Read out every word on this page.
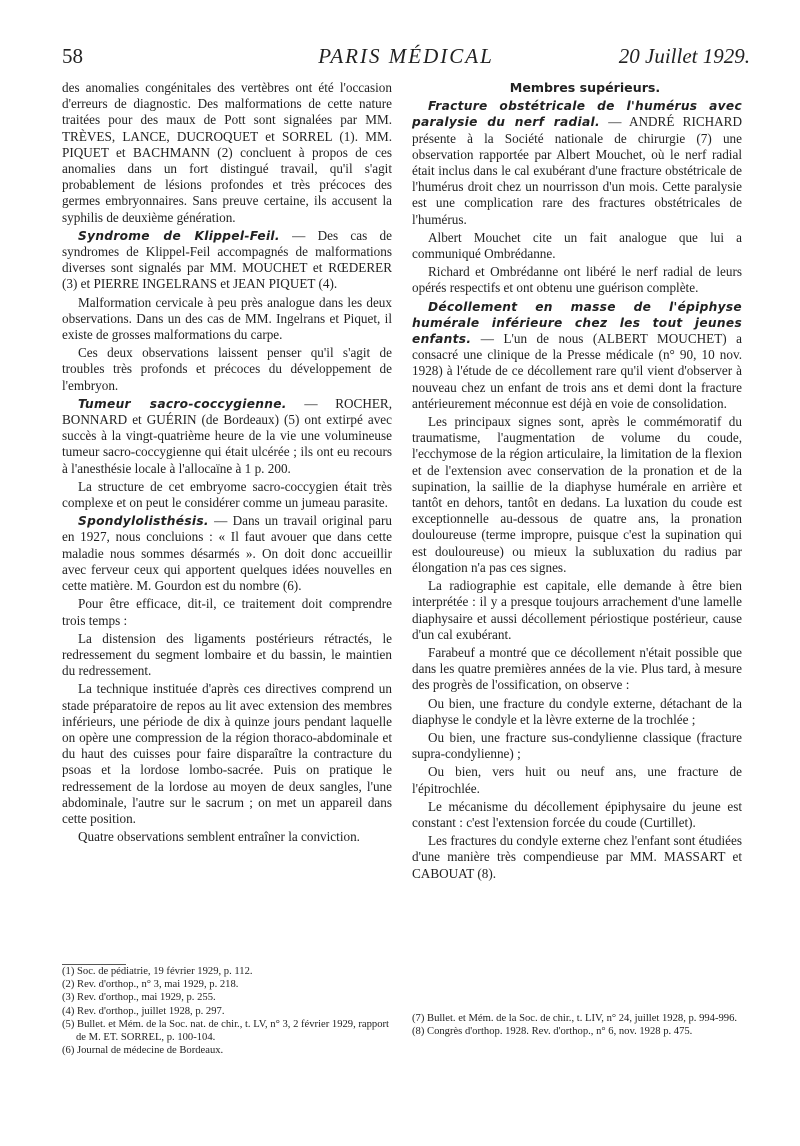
58	PARIS MÉDICAL	20 Juillet 1929.

des anomalies congénitales des vertèbres ont été l'occasion d'erreurs de diagnostic. Des malformations de cette nature traitées pour des maux de Pott sont signalées par MM. TRÈVES, LANCE, DUCROQUET et SORREL (1). MM. PIQUET et BACHMANN (2) concluent à propos de ces anomalies dans un fort distingué travail, qu'il s'agit probablement de lésions profondes et très précoces des germes embryonnaires. Sans preuve certaine, ils accusent la syphilis de deuxième génération.

Syndrome de Klippel-Feil. — Des cas de syndromes de Klippel-Feil accompagnés de malformations diverses sont signalés par MM. MOUCHET et RŒDERER (3) et PIERRE INGELRANS et JEAN PIQUET (4).

Malformation cervicale à peu près analogue dans les deux observations. Dans un des cas de MM. Ingelrans et Piquet, il existe de grosses malformations du carpe.

Ces deux observations laissent penser qu'il s'agit de troubles très profonds et précoces du développement de l'embryon.

Tumeur sacro-coccygienne. — ROCHER, BONNARD et GUÉRIN (de Bordeaux) (5) ont extirpé avec succès à la vingt-quatrième heure de la vie une volumineuse tumeur sacro-coccygienne qui était ulcérée ; ils ont eu recours à l'anesthésie locale à l'allocaïne à 1 p. 200.

La structure de cet embryome sacro-coccygien était très complexe et on peut le considérer comme un jumeau parasite.

Spondylolisthésis. — Dans un travail original paru en 1927, nous concluions : « Il faut avouer que dans cette maladie nous sommes désarmés ». On doit donc accueillir avec ferveur ceux qui apportent quelques idées nouvelles en cette matière. M. Gourdon est du nombre (6).

Pour être efficace, dit-il, ce traitement doit comprendre trois temps :

La distension des ligaments postérieurs rétractés, le redressement du segment lombaire et du bassin, le maintien du redressement.

La technique instituée d'après ces directives comprend un stade préparatoire de repos au lit avec extension des membres inférieurs, une période de dix à quinze jours pendant laquelle on opère une compression de la région thoraco-abdominale et du haut des cuisses pour faire disparaître la contracture du psoas et la lordose lombo-sacrée. Puis on pratique le redressement de la lordose au moyen de deux sangles, l'une abdominale, l'autre sur le sacrum ; on met un appareil dans cette position.

Quatre observations semblent entraîner la conviction.

(1) Soc. de pédiatrie, 19 février 1929, p. 112.
(2) Rev. d'orthop., n° 3, mai 1929, p. 218.
(3) Rev. d'orthop., mai 1929, p. 255.
(4) Rev. d'orthop., juillet 1928, p. 297.
(5) Bullet. et Mém. de la Soc. nat. de chir., t. LV, n° 3, 2 février 1929, rapport de M. ET. SORREL, p. 100-104.
(6) Journal de médecine de Bordeaux.

Membres supérieurs.

Fracture obstétricale de l'humérus avec paralysie du nerf radial. — ANDRÉ RICHARD présente à la Société nationale de chirurgie (7) une observation rapportée par Albert Mouchet, où le nerf radial était inclus dans le cal exubérant d'une fracture obstétricale de l'humérus droit chez un nourrisson d'un mois. Cette paralysie est une complication rare des fractures obstétricales de l'humérus.

Albert Mouchet cite un fait analogue que lui a communiqué Ombrédanne.

Richard et Ombrédanne ont libéré le nerf radial de leurs opérés respectifs et ont obtenu une guérison complète.

Décollement en masse de l'épiphyse humérale inférieure chez les tout jeunes enfants. — L'un de nous (ALBERT MOUCHET) a consacré une clinique de la Presse médicale (n° 90, 10 nov. 1928) à l'étude de ce décollement rare qu'il vient d'observer à nouveau chez un enfant de trois ans et demi dont la fracture antérieurement méconnue est déjà en voie de consolidation.

Les principaux signes sont, après le commémoratif du traumatisme, l'augmentation de volume du coude, l'ecchymose de la région articulaire, la limitation de la flexion et de l'extension avec conservation de la pronation et de la supination, la saillie de la diaphyse humérale en arrière et tantôt en dehors, tantôt en dedans. La luxation du coude est exceptionnelle au-dessous de quatre ans, la pronation douloureuse (terme impropre, puisque c'est la supination qui est douloureuse) ou mieux la subluxation du radius par élongation n'a pas ces signes.

La radiographie est capitale, elle demande à être bien interprétée : il y a presque toujours arrachement d'une lamelle diaphysaire et aussi décollement périostique postérieur, cause d'un cal exubérant.

Farabeuf a montré que ce décollement n'était possible que dans les quatre premières années de la vie. Plus tard, à mesure des progrès de l'ossification, on observe :

Ou bien, une fracture du condyle externe, détachant de la diaphyse le condyle et la lèvre externe de la trochlée ;

Ou bien, une fracture sus-condylienne classique (fracture supra-condylienne) ;

Ou bien, vers huit ou neuf ans, une fracture de l'épitrochlée.

Le mécanisme du décollement épiphysaire du jeune est constant : c'est l'extension forcée du coude (Curtillet).

Les fractures du condyle externe chez l'enfant sont étudiées d'une manière très compendieuse par MM. MASSART et CABOUAT (8).

(7) Bullet. et Mém. de la Soc. de chir., t. LIV, n° 24, juillet 1928, p. 994-996.
(8) Congrès d'orthop. 1928. Rev. d'orthop., n° 6, nov. 1928 p. 475.
